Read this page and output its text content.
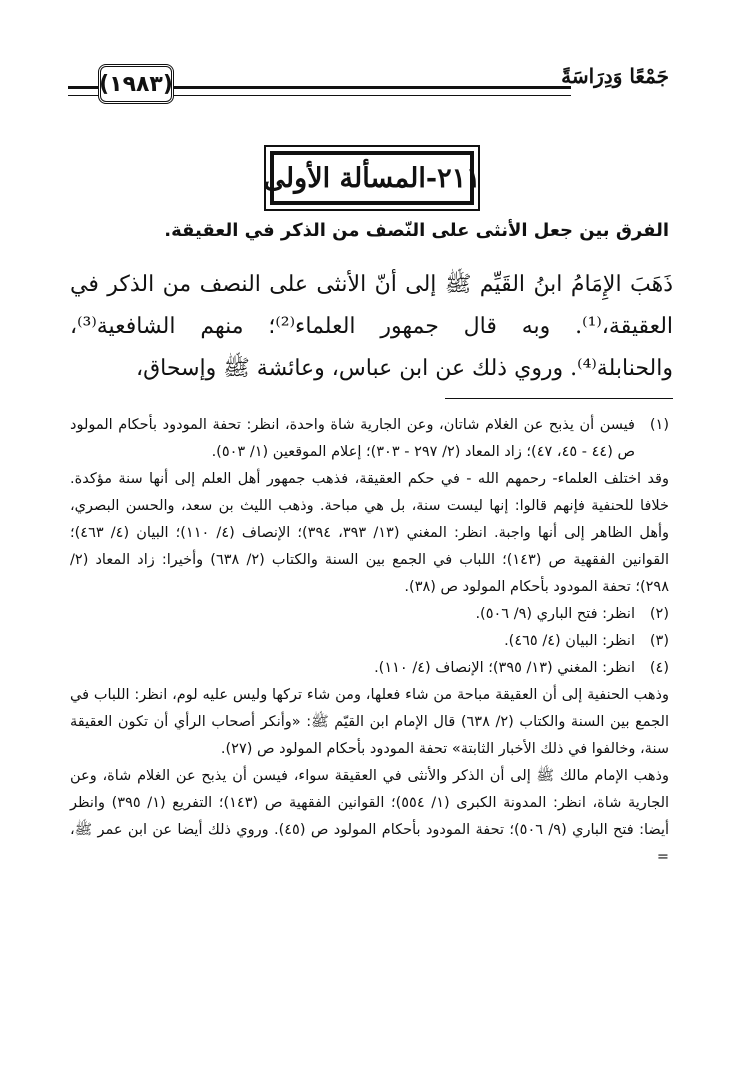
جَمْعًا وَدِرَاسَةً
(١٩٨٣)
٢١١-المسألة الأولى
الفرق بين جعل الأنثى على النّصف من الذكر في العقيقة.

ذَهَبَ الإِمَامُ ابنُ القَيِّم ﷺ إلى أنّ الأنثى على النصف من الذكر في العقيقة،⁽¹⁾. وبه قال جمهور العلماء⁽²⁾؛ منهم الشافعية⁽³⁾، والحنابلة⁽⁴⁾. وروي ذلك عن ابن عباس، وعائشة ﷺ وإسحاق،

(١)
فيسن أن يذبح عن الغلام شاتان، وعن الجارية شاة واحدة، انظر: تحفة المودود بأحكام المولود ص (٤٤ - ٤٥، ٤٧)؛ زاد المعاد (٢/ ٢٩٧ - ٣٠٣)؛ إعلام الموقعين (١/ ٥٠٣).

وقد اختلف العلماء- رحمهم الله - في حكم العقيقة، فذهب جمهور أهل العلم إلى أنها سنة مؤكدة. خلافا للحنفية فإنهم قالوا: إنها ليست سنة، بل هي مباحة. وذهب الليث بن سعد، والحسن البصري، وأهل الظاهر إلى أنها واجبة. انظر: المغني (١٣/ ٣٩٣، ٣٩٤)؛ الإنصاف (٤/ ١١٠)؛ البيان (٤/ ٤٦٣)؛ القوانين الفقهية ص (١٤٣)؛ اللباب في الجمع بين السنة والكتاب (٢/ ٦٣٨) وأخيرا: زاد المعاد (٢/ ٢٩٨)؛ تحفة المودود بأحكام المولود ص (٣٨).

(٢)
انظر: فتح الباري (٩/ ٥٠٦).
(٣)
انظر: البيان (٤/ ٤٦٥).
(٤)
انظر: المغني (١٣/ ٣٩٥)؛ الإنصاف (٤/ ١١٠).

وذهب الحنفية إلى أن العقيقة مباحة من شاء فعلها، ومن شاء تركها وليس عليه لوم، انظر: اللباب في الجمع بين السنة والكتاب (٢/ ٦٣٨) قال الإمام ابن القيّم ﷺ: «وأنكر أصحاب الرأي أن تكون العقيقة سنة، وخالفوا في ذلك الأخبار الثابتة» تحفة المودود بأحكام المولود ص (٢٧).

وذهب الإمام مالك ﷺ إلى أن الذكر والأنثى في العقيقة سواء، فيسن أن يذبح عن الغلام شاة، وعن الجارية شاة، انظر: المدونة الكبرى (١/ ٥٥٤)؛ القوانين الفقهية ص (١٤٣)؛ التفريع (١/ ٣٩٥) وانظر أيضا: فتح الباري (٩/ ٥٠٦)؛ تحفة المودود بأحكام المولود ص (٤٥). وروي ذلك أيضا عن ابن عمر ﷺ، =
